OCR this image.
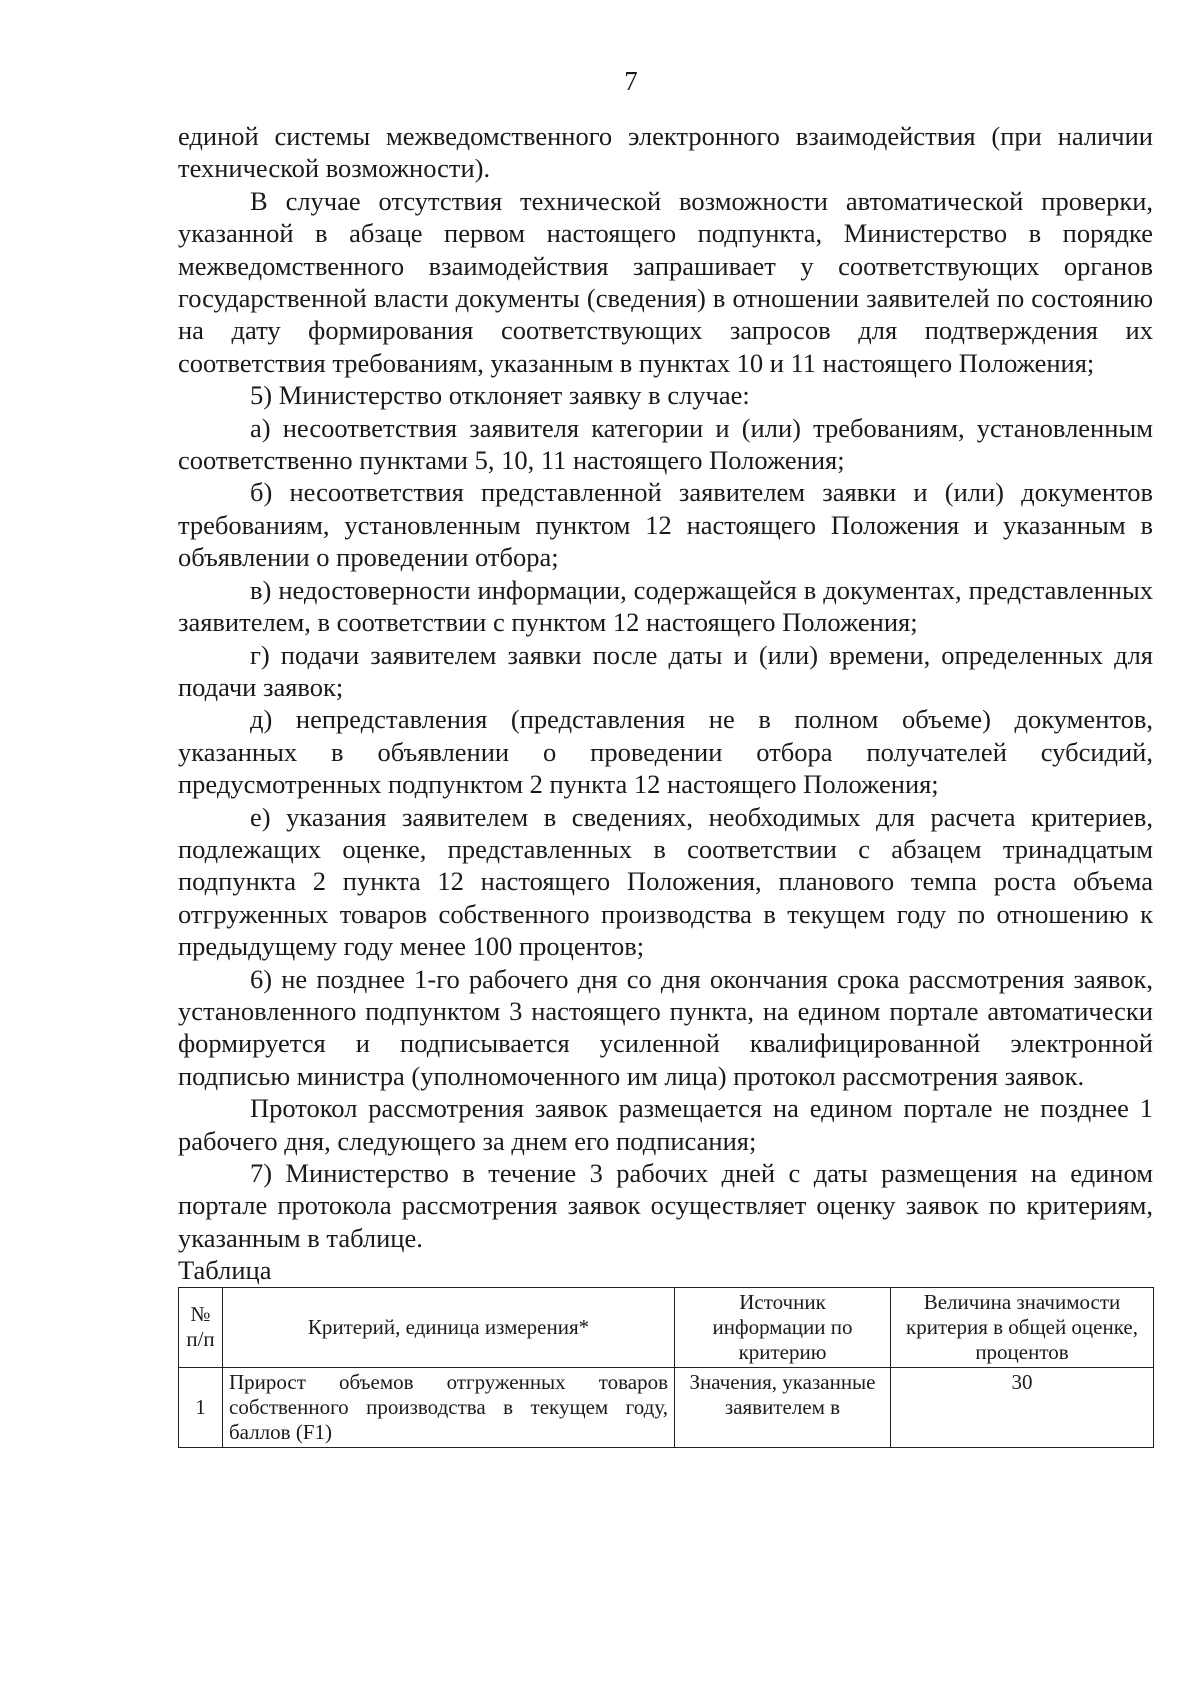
7

единой системы межведомственного электронного взаимодействия (при наличии технической возможности).

В случае отсутствия технической возможности автоматической проверки, указанной в абзаце первом настоящего подпункта, Министерство в порядке межведомственного взаимодействия запрашивает у соответствующих органов государственной власти документы (сведения) в отношении заявителей по состоянию на дату формирования соответствующих запросов для подтверждения их соответствия требованиям, указанным в пунктах 10 и 11 настоящего Положения;

5) Министерство отклоняет заявку в случае:

а) несоответствия заявителя категории и (или) требованиям, установленным соответственно пунктами 5, 10, 11 настоящего Положения;

б) несоответствия представленной заявителем заявки и (или) документов требованиям, установленным пунктом 12 настоящего Положения и указанным в объявлении о проведении отбора;

в) недостоверности информации, содержащейся в документах, представленных заявителем, в соответствии с пунктом 12 настоящего Положения;

г) подачи заявителем заявки после даты и (или) времени, определенных для подачи заявок;

д) непредставления (представления не в полном объеме) документов, указанных в объявлении о проведении отбора получателей субсидий, предусмотренных подпунктом 2 пункта 12 настоящего Положения;

е) указания заявителем в сведениях, необходимых для расчета критериев, подлежащих оценке, представленных в соответствии с абзацем тринадцатым подпункта 2 пункта 12 настоящего Положения, планового темпа роста объема отгруженных товаров собственного производства в текущем году по отношению к предыдущему году менее 100 процентов;

6) не позднее 1-го рабочего дня со дня окончания срока рассмотрения заявок, установленного подпунктом 3 настоящего пункта, на едином портале автоматически формируется и подписывается усиленной квалифицированной электронной подписью министра (уполномоченного им лица) протокол рассмотрения заявок.

Протокол рассмотрения заявок размещается на едином портале не позднее 1 рабочего дня, следующего за днем его подписания;

7) Министерство в течение 3 рабочих дней с даты размещения на едином портале протокола рассмотрения заявок осуществляет оценку заявок по критериям, указанным в таблице.

Таблица

№ п/п	Критерий, единица измерения*	Источник информации по критерию	Величина значимости критерия в общей оценке, процентов
1	Прирост объемов отгруженных товаров собственного производства в текущем году, баллов (F1)	Значения, указанные заявителем в	30
